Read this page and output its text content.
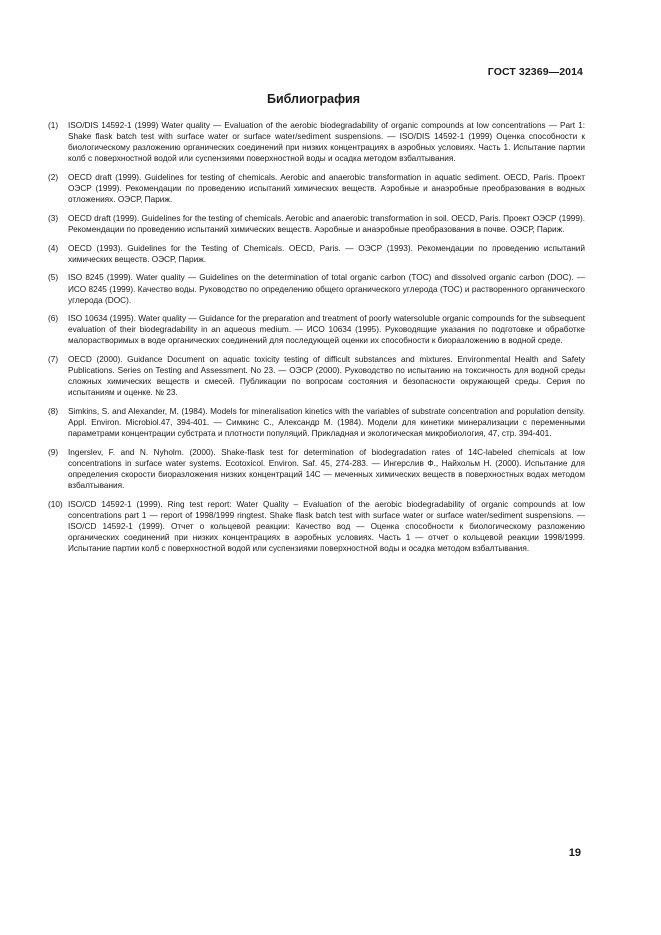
ГОСТ 32369—2014
Библиография
(1)	ISO/DIS 14592-1 (1999) Water quality — Evaluation of the aerobic biodegradability of organic compounds at low concentrations — Part 1: Shake flask batch test with surface water or surface water/sediment suspensions. — ISO/DIS 14592-1 (1999) Оценка способности к биологическому разложению органических соединений при низких концентрациях в аэробных условиях. Часть 1. Испытание партии колб с поверхностной водой или суспензиями поверхностной воды и осадка методом взбалтывания.
(2)	OECD draft (1999). Guidelines for testing of chemicals. Aerobic and anaerobic transformation in aquatic sediment. OECD, Paris. Проект ОЭСР (1999). Рекомендации по проведению испытаний химических веществ. Аэробные и анаэробные преобразования в водных отложениях. ОЭСР, Париж.
(3)	OECD draft (1999). Guidelines for the testing of chemicals. Aerobic and anaerobic transformation in soil. OECD, Paris. Проект ОЭСР (1999). Рекомендации по проведению испытаний химических веществ. Аэробные и анаэробные преобразования в почве. ОЭСР, Париж.
(4)	OECD (1993). Guidelines for the Testing of Chemicals. OECD, Paris. — ОЭСР (1993). Рекомендации по проведению испытаний химических веществ. ОЭСР, Париж.
(5)	ISO 8245 (1999). Water quality — Guidelines on the determination of total organic carbon (TOC) and dissolved organic carbon (DOC). — ИСО 8245 (1999). Качество воды. Руководство по определению общего органического углерода (ТОС) и растворенного органического углерода (DOC).
(6)	ISO 10634 (1995). Water quality — Guidance for the preparation and treatment of poorly watersoluble organic compounds for the subsequent evaluation of their biodegradability in an aqueous medium. — ИСО 10634 (1995). Руководящие указания по подготовке и обработке малорастворимых в воде органических соединений для последующей оценки их способности к биоразложению в водной среде.
(7)	OECD (2000). Guidance Document on aquatic toxicity testing of difficult substances and mixtures. Environmental Health and Safety Publications. Series on Testing and Assessment. No 23. — ОЭСР (2000). Руководство по испытанию на токсичность для водной среды сложных химических веществ и смесей. Публикации по вопросам состояния и безопасности окружающей среды. Серия по испытаниям и оценке. № 23.
(8)	Simkins, S. and Alexander, M. (1984). Models for mineralisation kinetics with the variables of substrate concentration and population density. Appl. Environ. Microbiol.47, 394-401. — Симкинс С., Александр М. (1984). Модели для кинетики минерализации с переменными параметрами концентрации субстрата и плотности популяций. Прикладная и экологическая микробиология, 47, стр. 394-401.
(9)	Ingerslev, F. and N. Nyholm. (2000). Shake-flask test for determination of biodegradation rates of 14C-labeled chemicals at low concentrations in surface water systems. Ecotoxicol. Environ. Saf. 45, 274-283. — Ингерслив Ф., Найхольм Н. (2000). Испытание для определения скорости биоразложения низких концентраций 14С — меченных химических веществ в поверхностных водах методом взбалтывания.
(10) ISO/CD 14592-1 (1999). Ring test report: Water Quality – Evaluation of the aerobic biodegradability of organic compounds at low concentrations part 1 — report of 1998/1999 ringtest. Shake flask batch test with surface water or surface water/sediment suspensions. — ISO/CD 14592-1 (1999). Отчет о кольцевой реакции: Качество вод — Оценка способности к биологическому разложению органических соединений при низких концентрациях в аэробных условиях. Часть 1 — отчет о кольцевой реакции 1998/1999. Испытание партии колб с поверхностной водой или суспензиями поверхностной воды и осадка методом взбалтывания.
19
